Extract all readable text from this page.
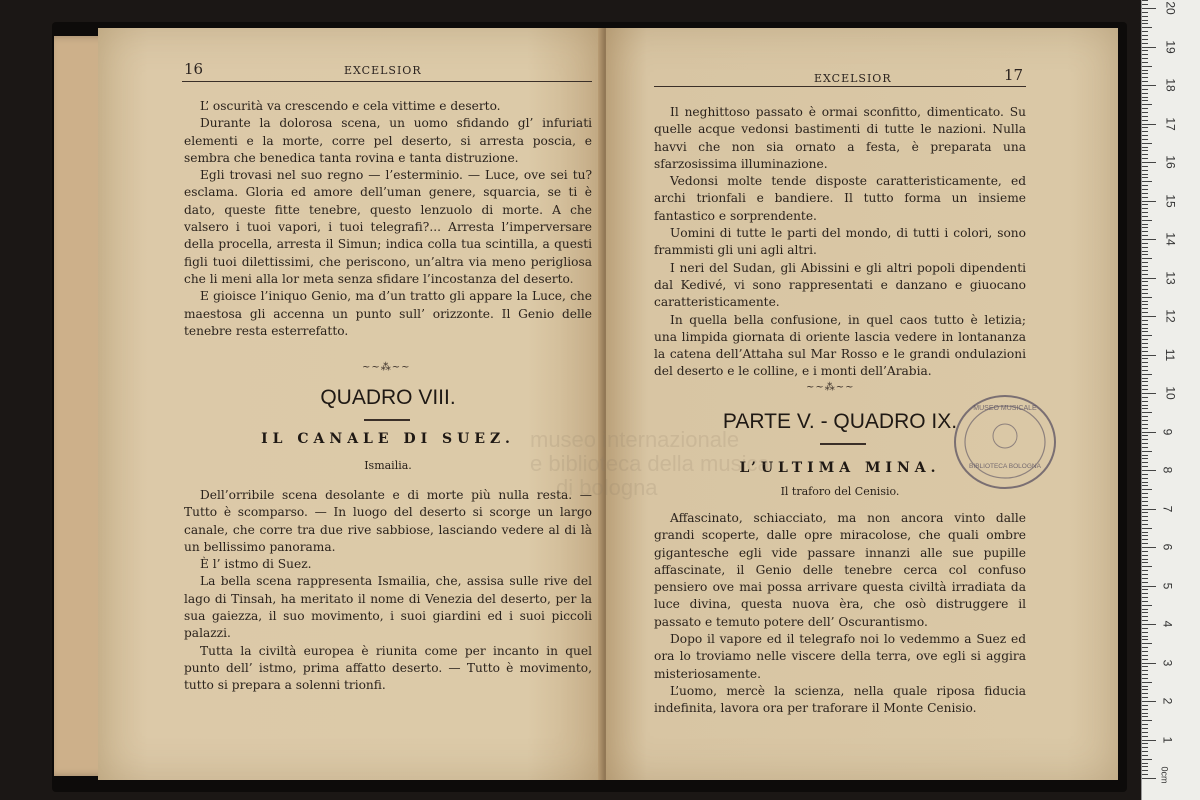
16	EXCELSIOR

L’ oscurità va crescendo e cela vittime e deserto.

Durante la dolorosa scena, un uomo sfidando gl’ infuriati elementi e la morte, corre pel deserto, si arresta poscia, e sembra che benedica tanta rovina e tanta distruzione.

Egli trovasi nel suo regno — l’esterminio. — Luce, ove sei tu? esclama. Gloria ed amore dell’uman genere, squarcia, se ti è dato, queste fitte tenebre, questo lenzuolo di morte. A che valsero i tuoi vapori, i tuoi telegrafi?... Arresta l’imperversare della procella, arresta il Simun; indica colla tua scintilla, a questi figli tuoi dilettissimi, che periscono, un’altra via meno perigliosa che li meni alla lor meta senza sfidare l’incostanza del deserto.

E gioisce l’iniquo Genio, ma d’un tratto gli appare la Luce, che maestosa gli accenna un punto sull’ orizzonte. Il Genio delle tenebre resta esterrefatto.

~~⁂~~
QUADRO VIII.
IL CANALE DI SUEZ.
Ismailia.

Dell’orribile scena desolante e di morte più nulla resta. — Tutto è scomparso. — In luogo del deserto si scorge un largo canale, che corre tra due rive sabbiose, lasciando vedere al di là un bellissimo panorama.

È l’ istmo di Suez.

La bella scena rappresenta Ismailia, che, assisa sulle rive del lago di Tinsah, ha meritato il nome di Venezia del deserto, per la sua gaiezza, il suo movimento, i suoi giardini ed i suoi piccoli palazzi.

Tutta la civiltà europea è riunita come per incanto in quel punto dell’ istmo, prima affatto deserto. — Tutto è movimento, tutto si prepara a solenni trionfi.

EXCELSIOR	17

Il neghittoso passato è ormai sconfitto, dimenticato. Su quelle acque vedonsi bastimenti di tutte le nazioni. Nulla havvi che non sia ornato a festa, è preparata una sfarzosissima illuminazione.

Vedonsi molte tende disposte caratteristicamente, ed archi trionfali e bandiere. Il tutto forma un insieme fantastico e sorprendente.

Uomini di tutte le parti del mondo, di tutti i colori, sono frammisti gli uni agli altri.

I neri del Sudan, gli Abissini e gli altri popoli dipendenti dal Kedivé, vi sono rappresentati e danzano e giuocano caratteristicamente.

In quella bella confusione, in quel caos tutto è letizia; una limpida giornata di oriente lascia vedere in lontananza la catena dell’Attaha sul Mar Rosso e le grandi ondulazioni del deserto e le colline, e i monti dell’Arabia.

~~⁂~~
PARTE V. - QUADRO IX.
L’ULTIMA MINA.
Il traforo del Cenisio.

Affascinato, schiacciato, ma non ancora vinto dalle grandi scoperte, dalle opre miracolose, che quali ombre gigantesche egli vide passare innanzi alle sue pupille affascinate, il Genio delle tenebre cerca col confuso pensiero ove mai possa arrivare questa civiltà irradiata da luce divina, questa nuova èra, che osò distruggere il passato e temuto potere dell’ Oscurantismo.

Dopo il vapore ed il telegrafo noi lo vedemmo a Suez ed ora lo troviamo nelle viscere della terra, ove egli si aggira misteriosamente.

L’uomo, mercè la scienza, nella quale riposa fiducia indefinita, lavora ora per traforare il Monte Cenisio.

museo internazionale
e biblioteca della musica
di bologna
MUSEO MUSICALE
BIBLIOTECA BOLOGNA
0cm
1
2
3
4
5
6
7
8
9
10
11
12
13
14
15
16
17
18
19
20
